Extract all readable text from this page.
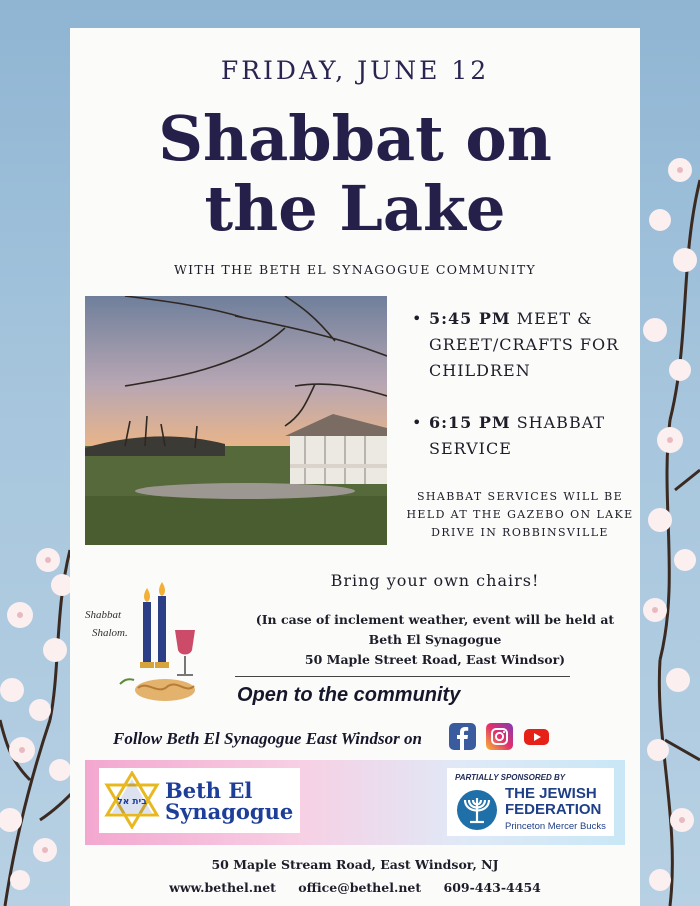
FRIDAY, JUNE 12
Shabbat on
the Lake
WITH THE BETH EL SYNAGOGUE COMMUNITY
• 5:45 PM MEET & GREET/CRAFTS FOR CHILDREN
• 6:15 PM SHABBAT SERVICE
SHABBAT SERVICES WILL BE HELD AT THE GAZEBO ON LAKE DRIVE IN ROBBINSVILLE
Shabbat
Shalom.
Bring your own chairs!
(In case of inclement weather, event will be held at
Beth El Synagogue
50 Maple Street Road, East Windsor)
Open to the community
Follow Beth El Synagogue East Windsor on
בית אל Beth El
Synagogue
PARTIALLY SPONSORED BY
THE JEWISH
FEDERATION
Princeton Mercer Bucks
50 Maple Stream Road, East Windsor, NJ
www.bethel.net office@bethel.net 609-443-4454
